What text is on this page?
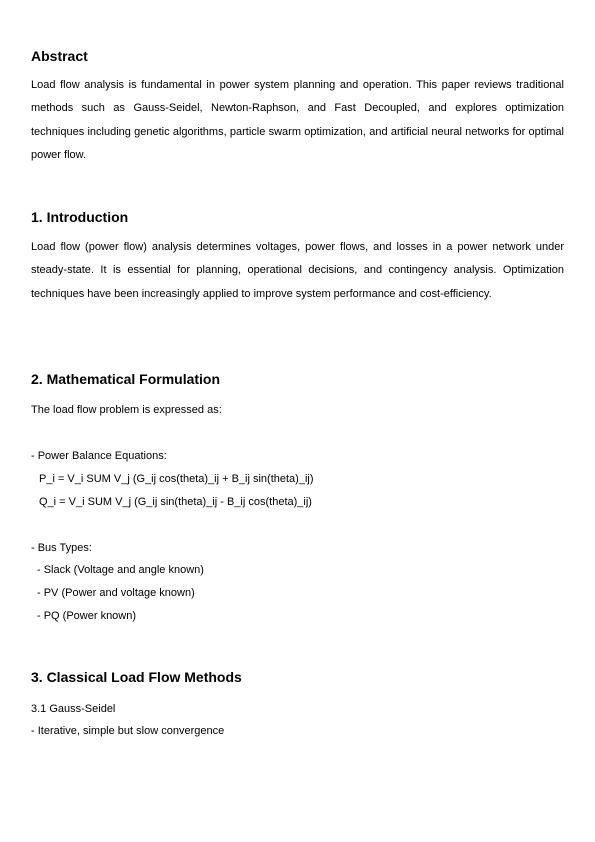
Abstract

Load flow analysis is fundamental in power system planning and operation. This paper reviews traditional methods such as Gauss-Seidel, Newton-Raphson, and Fast Decoupled, and explores optimization techniques including genetic algorithms, particle swarm optimization, and artificial neural networks for optimal power flow.

1. Introduction

Load flow (power flow) analysis determines voltages, power flows, and losses in a power network under steady-state. It is essential for planning, operational decisions, and contingency analysis. Optimization techniques have been increasingly applied to improve system performance and cost-efficiency.

2. Mathematical Formulation

The load flow problem is expressed as:

- Power Balance Equations:

P_i = V_i SUM V_j (G_ij cos(theta)_ij + B_ij sin(theta)_ij)

Q_i = V_i SUM V_j (G_ij sin(theta)_ij - B_ij cos(theta)_ij)

- Bus Types:

- Slack (Voltage and angle known)

- PV (Power and voltage known)

- PQ (Power known)

3. Classical Load Flow Methods

3.1 Gauss-Seidel

- Iterative, simple but slow convergence
